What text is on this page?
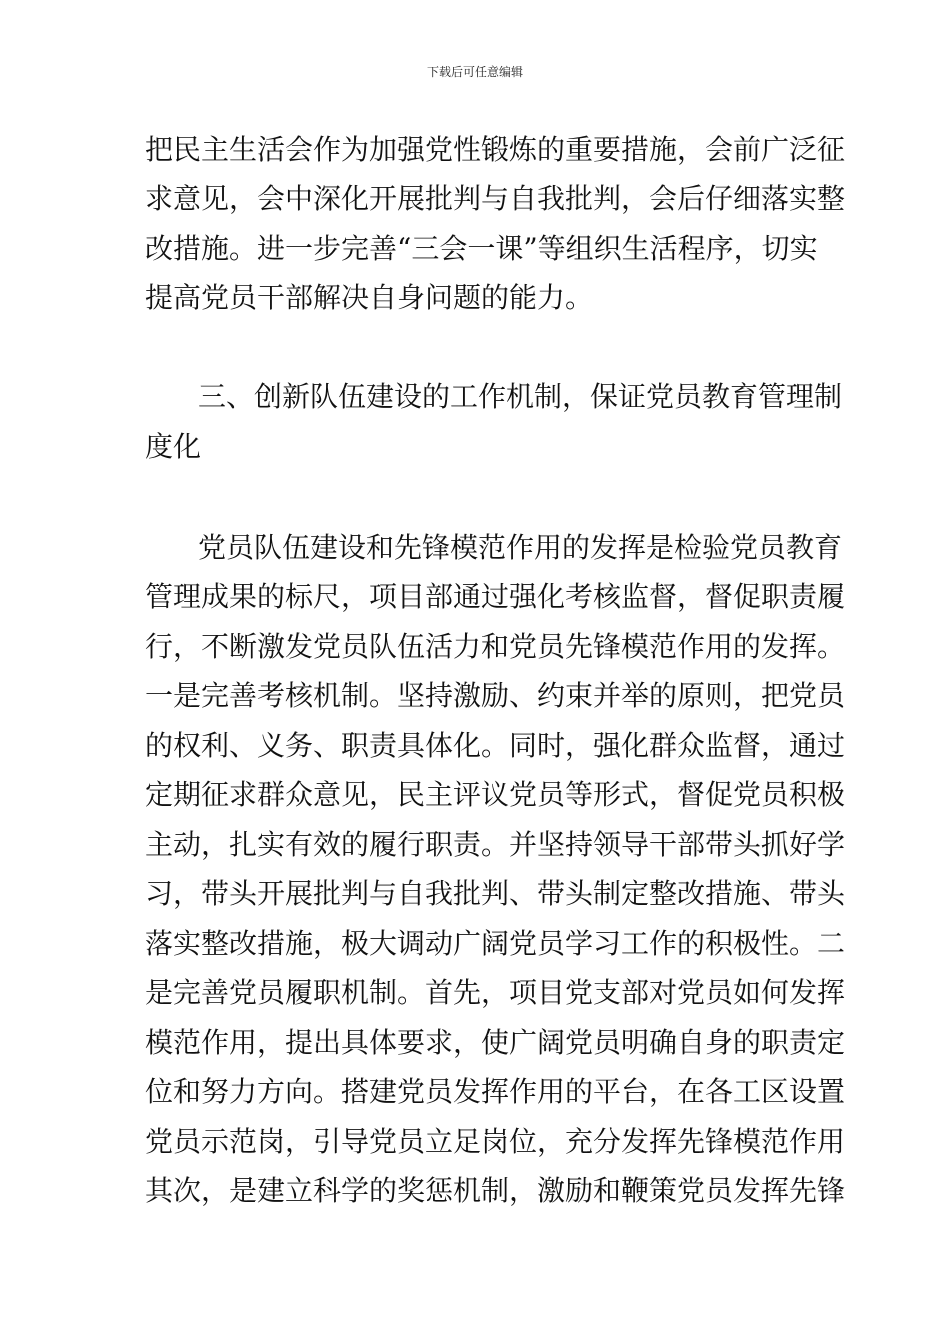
下载后可任意编辑
把民主生活会作为加强党性锻炼的重要措施，会前广泛征
求意见，会中深化开展批判与自我批判，会后仔细落实整
改措施。进一步完善“三会一课”等组织生活程序，切实
提高党员干部解决自身问题的能力。
三、创新队伍建设的工作机制，保证党员教育管理制
度化
党员队伍建设和先锋模范作用的发挥是检验党员教育
管理成果的标尺，项目部通过强化考核监督，督促职责履
行，不断激发党员队伍活力和党员先锋模范作用的发挥。
一是完善考核机制。坚持激励、约束并举的原则，把党员
的权利、义务、职责具体化。同时，强化群众监督，通过
定期征求群众意见，民主评议党员等形式，督促党员积极
主动，扎实有效的履行职责。并坚持领导干部带头抓好学
习，带头开展批判与自我批判、带头制定整改措施、带头
落实整改措施，极大调动广阔党员学习工作的积极性。二
是完善党员履职机制。首先，项目党支部对党员如何发挥
模范作用，提出具体要求，使广阔党员明确自身的职责定
位和努力方向。搭建党员发挥作用的平台，在各工区设置
党员示范岗，引导党员立足岗位，充分发挥先锋模范作用
其次，是建立科学的奖惩机制，激励和鞭策党员发挥先锋
